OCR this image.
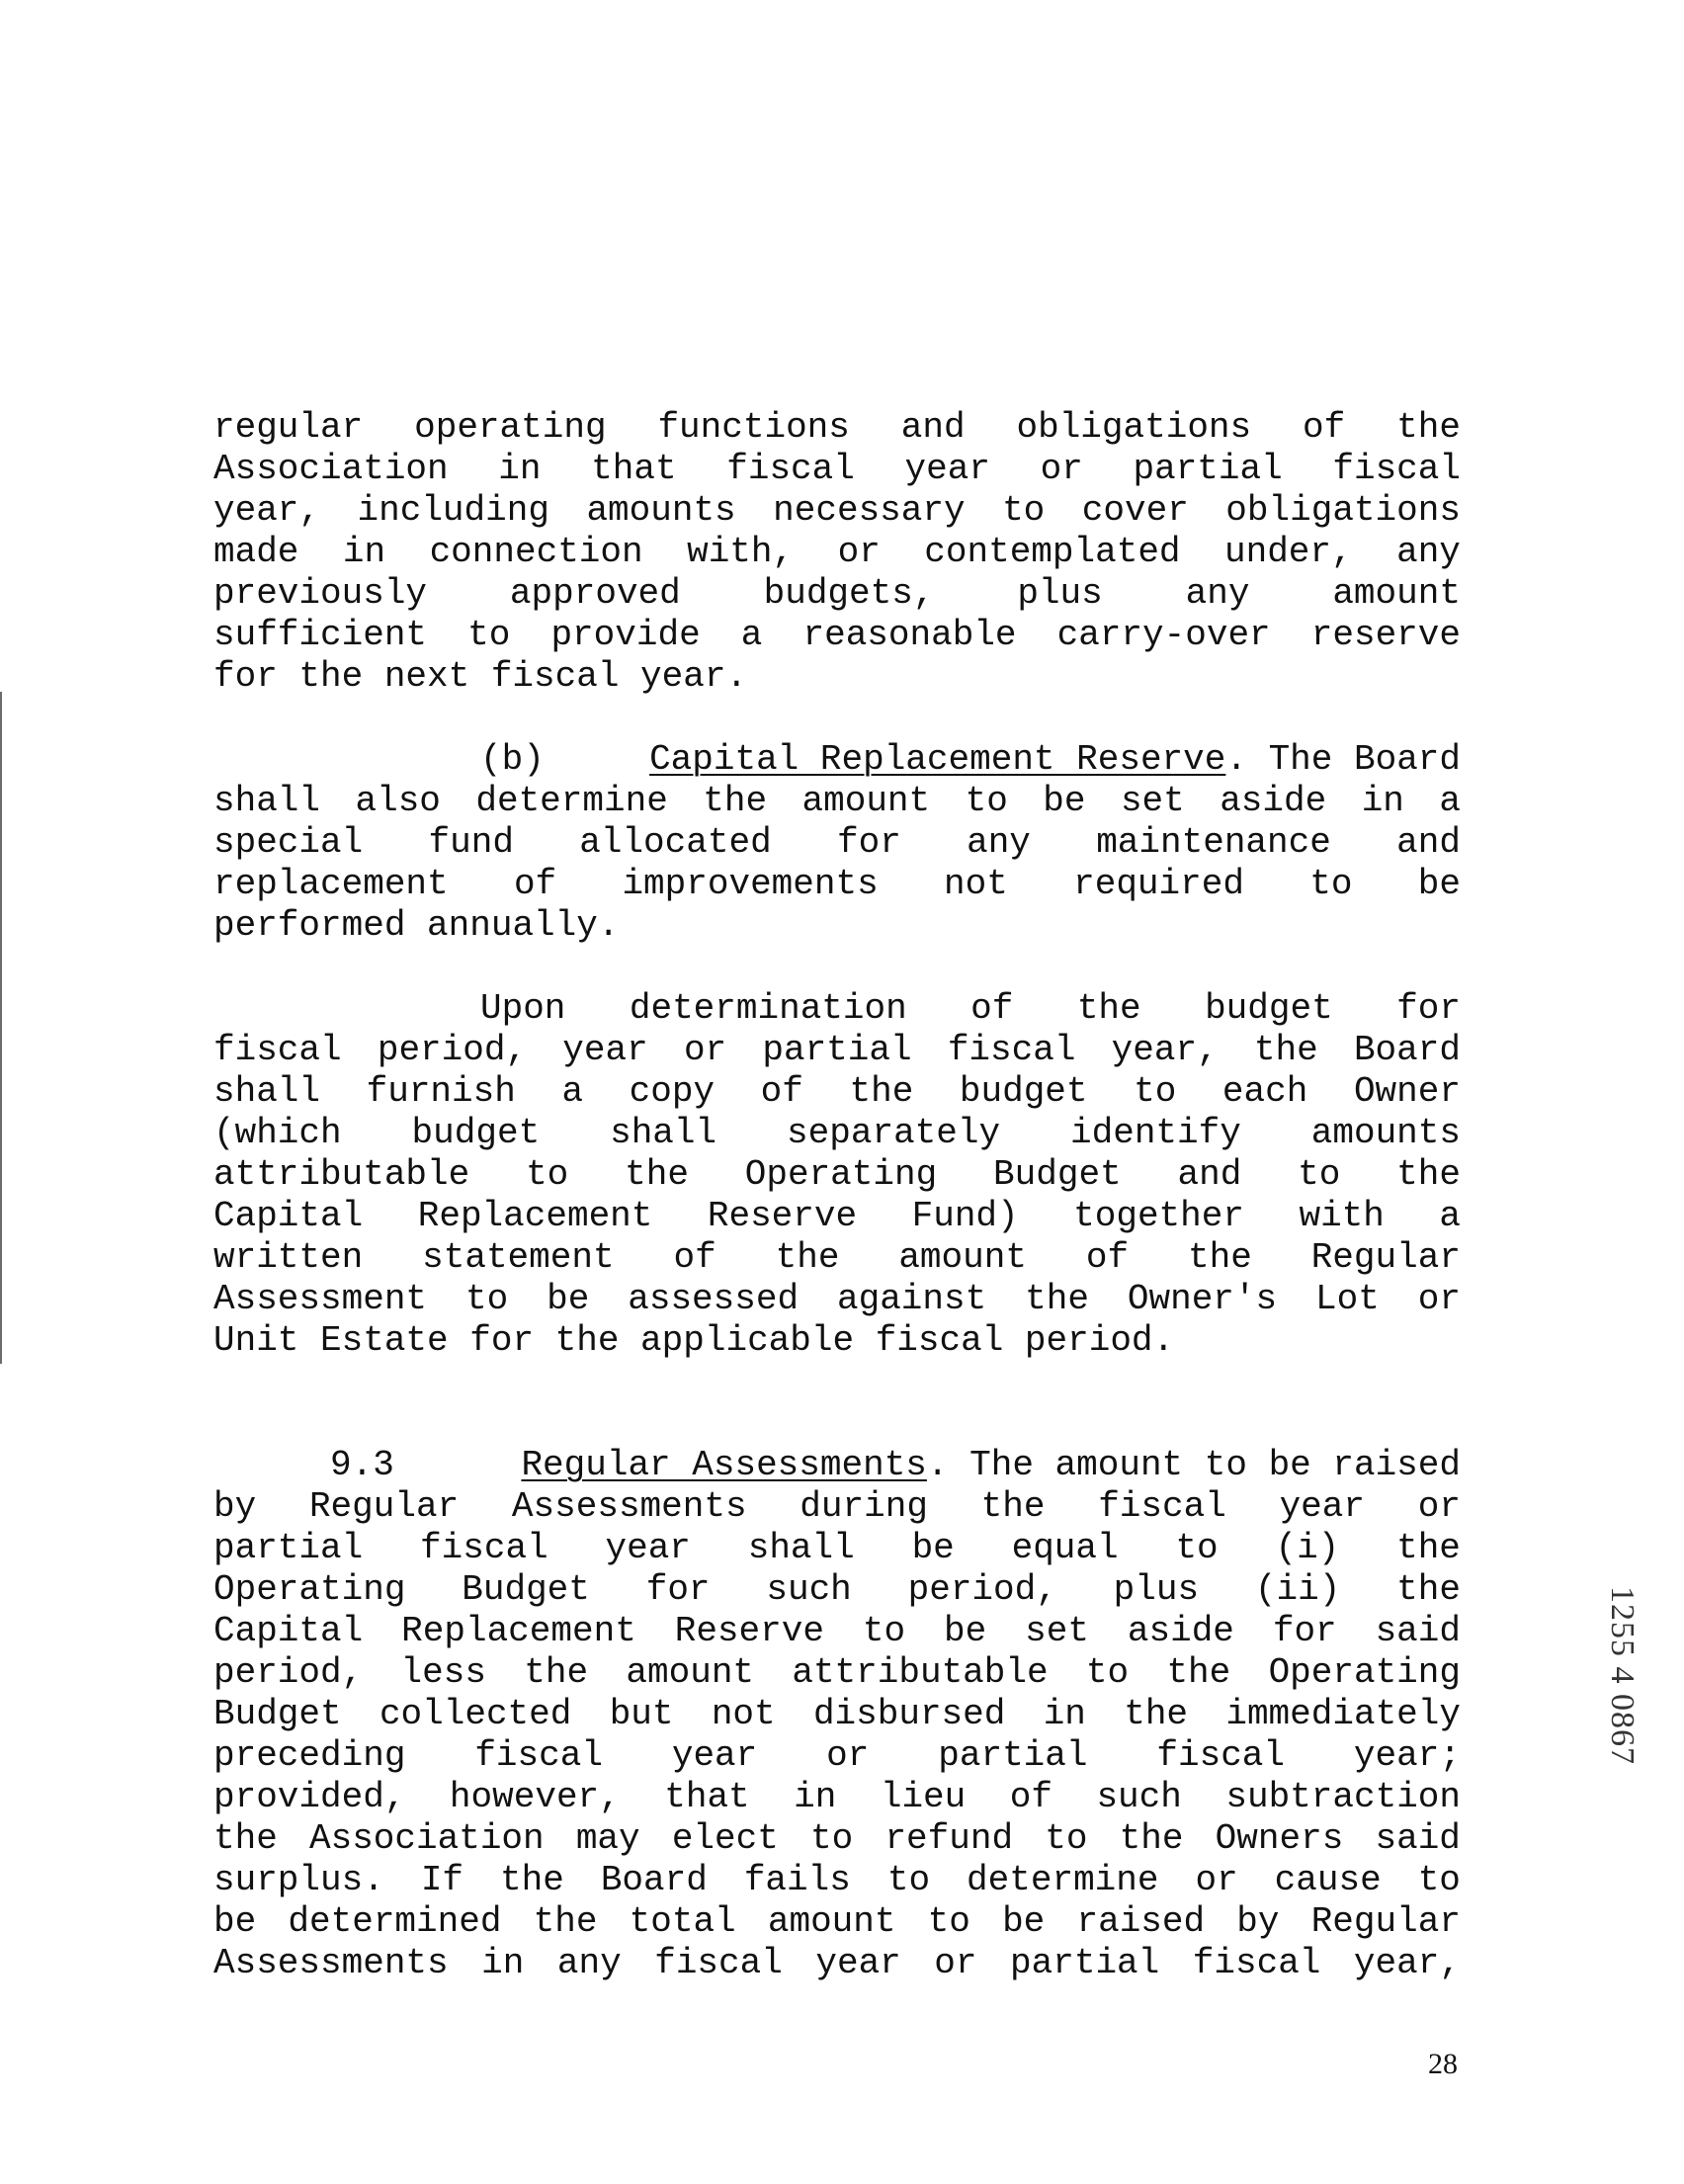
regular operating functions and obligations of the
Association in that fiscal year or partial fiscal
year, including amounts necessary to cover obligations
made in connection with, or contemplated under, any
previously approved budgets, plus any amount
sufficient to provide a reasonable carry-over reserve
for the next fiscal year.
(b)	Capital Replacement Reserve. The Board
shall also determine the amount to be set aside in a
special fund allocated for any maintenance and
replacement of improvements not required to be
performed annually.
Upon determination of the budget for
fiscal period, year or partial fiscal year, the Board
shall furnish a copy of the budget to each Owner
(which budget shall separately identify amounts
attributable to the Operating Budget and to the
Capital Replacement Reserve Fund) together with a
written statement of the amount of the Regular
Assessment to be assessed against the Owner's Lot or
Unit Estate for the applicable fiscal period.
9.3	Regular Assessments. The amount to be raised
by Regular Assessments during the fiscal year or
partial fiscal year shall be equal to (i) the
Operating Budget for such period, plus (ii) the
Capital Replacement Reserve to be set aside for said
period, less the amount attributable to the Operating
Budget collected but not disbursed in the immediately
preceding fiscal year or partial fiscal year;
provided, however, that in lieu of such subtraction
the Association may elect to refund to the Owners said
surplus. If the Board fails to determine or cause to
be determined the total amount to be raised by Regular
Assessments in any fiscal year or partial fiscal year,
1255 4 0867
28
